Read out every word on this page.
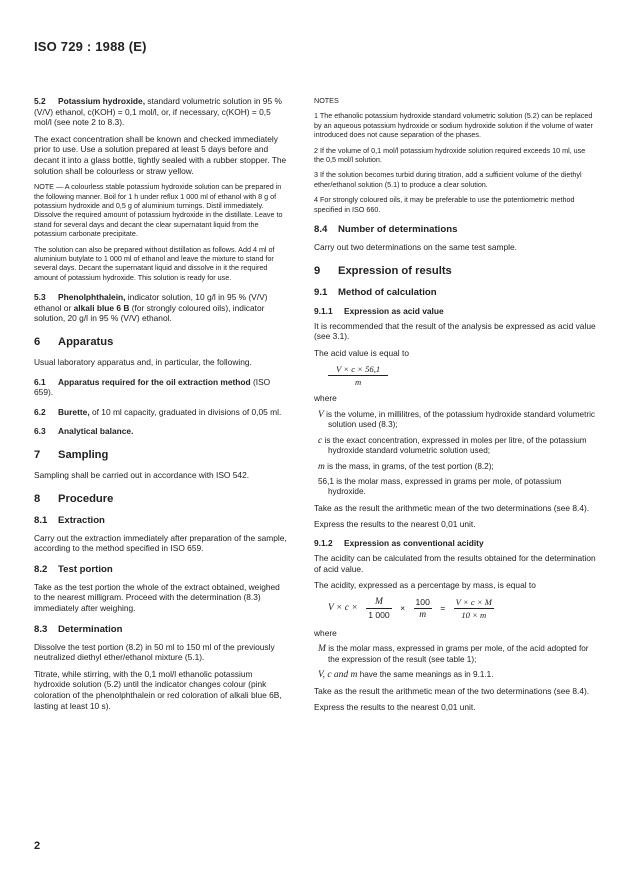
ISO 729 : 1988 (E)

5.2 Potassium hydroxide, standard volumetric solution in 95 % (V/V) ethanol, c(KOH) = 0,1 mol/l, or, if necessary, c(KOH) = 0,5 mol/l (see note 2 to 8.3).

The exact concentration shall be known and checked immediately prior to use. Use a solution prepared at least 5 days before and decant it into a glass bottle, tightly sealed with a rubber stopper. The solution shall be colourless or straw yellow.

NOTE — A colourless stable potassium hydroxide solution can be prepared in the following manner. Boil for 1 h under reflux 1 000 ml of ethanol with 8 g of potassium hydroxide and 0,5 g of aluminium turnings. Distil immediately. Dissolve the required amount of potassium hydroxide in the distillate. Leave to stand for several days and decant the clear supernatant liquid from the potassium carbonate precipitate.

The solution can also be prepared without distillation as follows. Add 4 ml of aluminium butylate to 1 000 ml of ethanol and leave the mixture to stand for several days. Decant the supernatant liquid and dissolve in it the required amount of potassium hydroxide. This solution is ready for use.

5.3 Phenolphthalein, indicator solution, 10 g/l in 95 % (V/V) ethanol or alkali blue 6 B (for strongly coloured oils), indicator solution, 20 g/l in 95 % (V/V) ethanol.

6 Apparatus

Usual laboratory apparatus and, in particular, the following.

6.1 Apparatus required for the oil extraction method (ISO 659).

6.2 Burette, of 10 ml capacity, graduated in divisions of 0,05 ml.

6.3 Analytical balance.

7 Sampling

Sampling shall be carried out in accordance with ISO 542.

8 Procedure
8.1 Extraction

Carry out the extraction immediately after preparation of the sample, according to the method specified in ISO 659.

8.2 Test portion

Take as the test portion the whole of the extract obtained, weighed to the nearest milligram. Proceed with the determination (8.3) immediately after weighing.

8.3 Determination

Dissolve the test portion (8.2) in 50 ml to 150 ml of the previously neutralized diethyl ether/ethanol mixture (5.1).

Titrate, while stirring, with the 0,1 mol/l ethanolic potassium hydroxide solution (5.2) until the indicator changes colour (pink coloration of the phenolphthalein or red coloration of alkali blue 6B, lasting at least 10 s).

NOTES

1 The ethanolic potassium hydroxide standard volumetric solution (5.2) can be replaced by an aqueous potassium hydroxide or sodium hydroxide solution if the volume of water introduced does not cause separation of the phases.

2 If the volume of 0,1 mol/l potassium hydroxide solution required exceeds 10 ml, use the 0,5 mol/l solution.

3 If the solution becomes turbid during titration, add a sufficient volume of the diethyl ether/ethanol solution (5.1) to produce a clear solution.

4 For strongly coloured oils, it may be preferable to use the potentiometric method specified in ISO 660.

8.4 Number of determinations

Carry out two determinations on the same test sample.

9 Expression of results
9.1 Method of calculation
9.1.1 Expression as acid value

It is recommended that the result of the analysis be expressed as acid value (see 3.1).

The acid value is equal to

$\frac{V \times c \times 56,1}{m}$

where

V is the volume, in millilitres, of the potassium hydroxide standard volumetric solution used (8.3);

c is the exact concentration, expressed in moles per litre, of the potassium hydroxide standard volumetric solution used;

m is the mass, in grams, of the test portion (8.2);

56,1 is the molar mass, expressed in grams per mole, of potassium hydroxide.

Take as the result the arithmetic mean of the two determinations (see 8.4).

Express the results to the nearest 0,01 unit.

9.1.2 Expression as conventional acidity

The acidity can be calculated from the results obtained for the determination of acid value.

The acidity, expressed as a percentage by mass, is equal to

$V \times c \times \frac{M}{1 000} \times \frac{100}{m} = \frac{V \times c \times M}{10 \times m}$

where

M is the molar mass, expressed in grams per mole, of the acid adopted for the expression of the result (see table 1);

V, c and m have the same meanings as in 9.1.1.

Take as the result the arithmetic mean of the two determinations (see 8.4).

Express the results to the nearest 0,01 unit.

2
